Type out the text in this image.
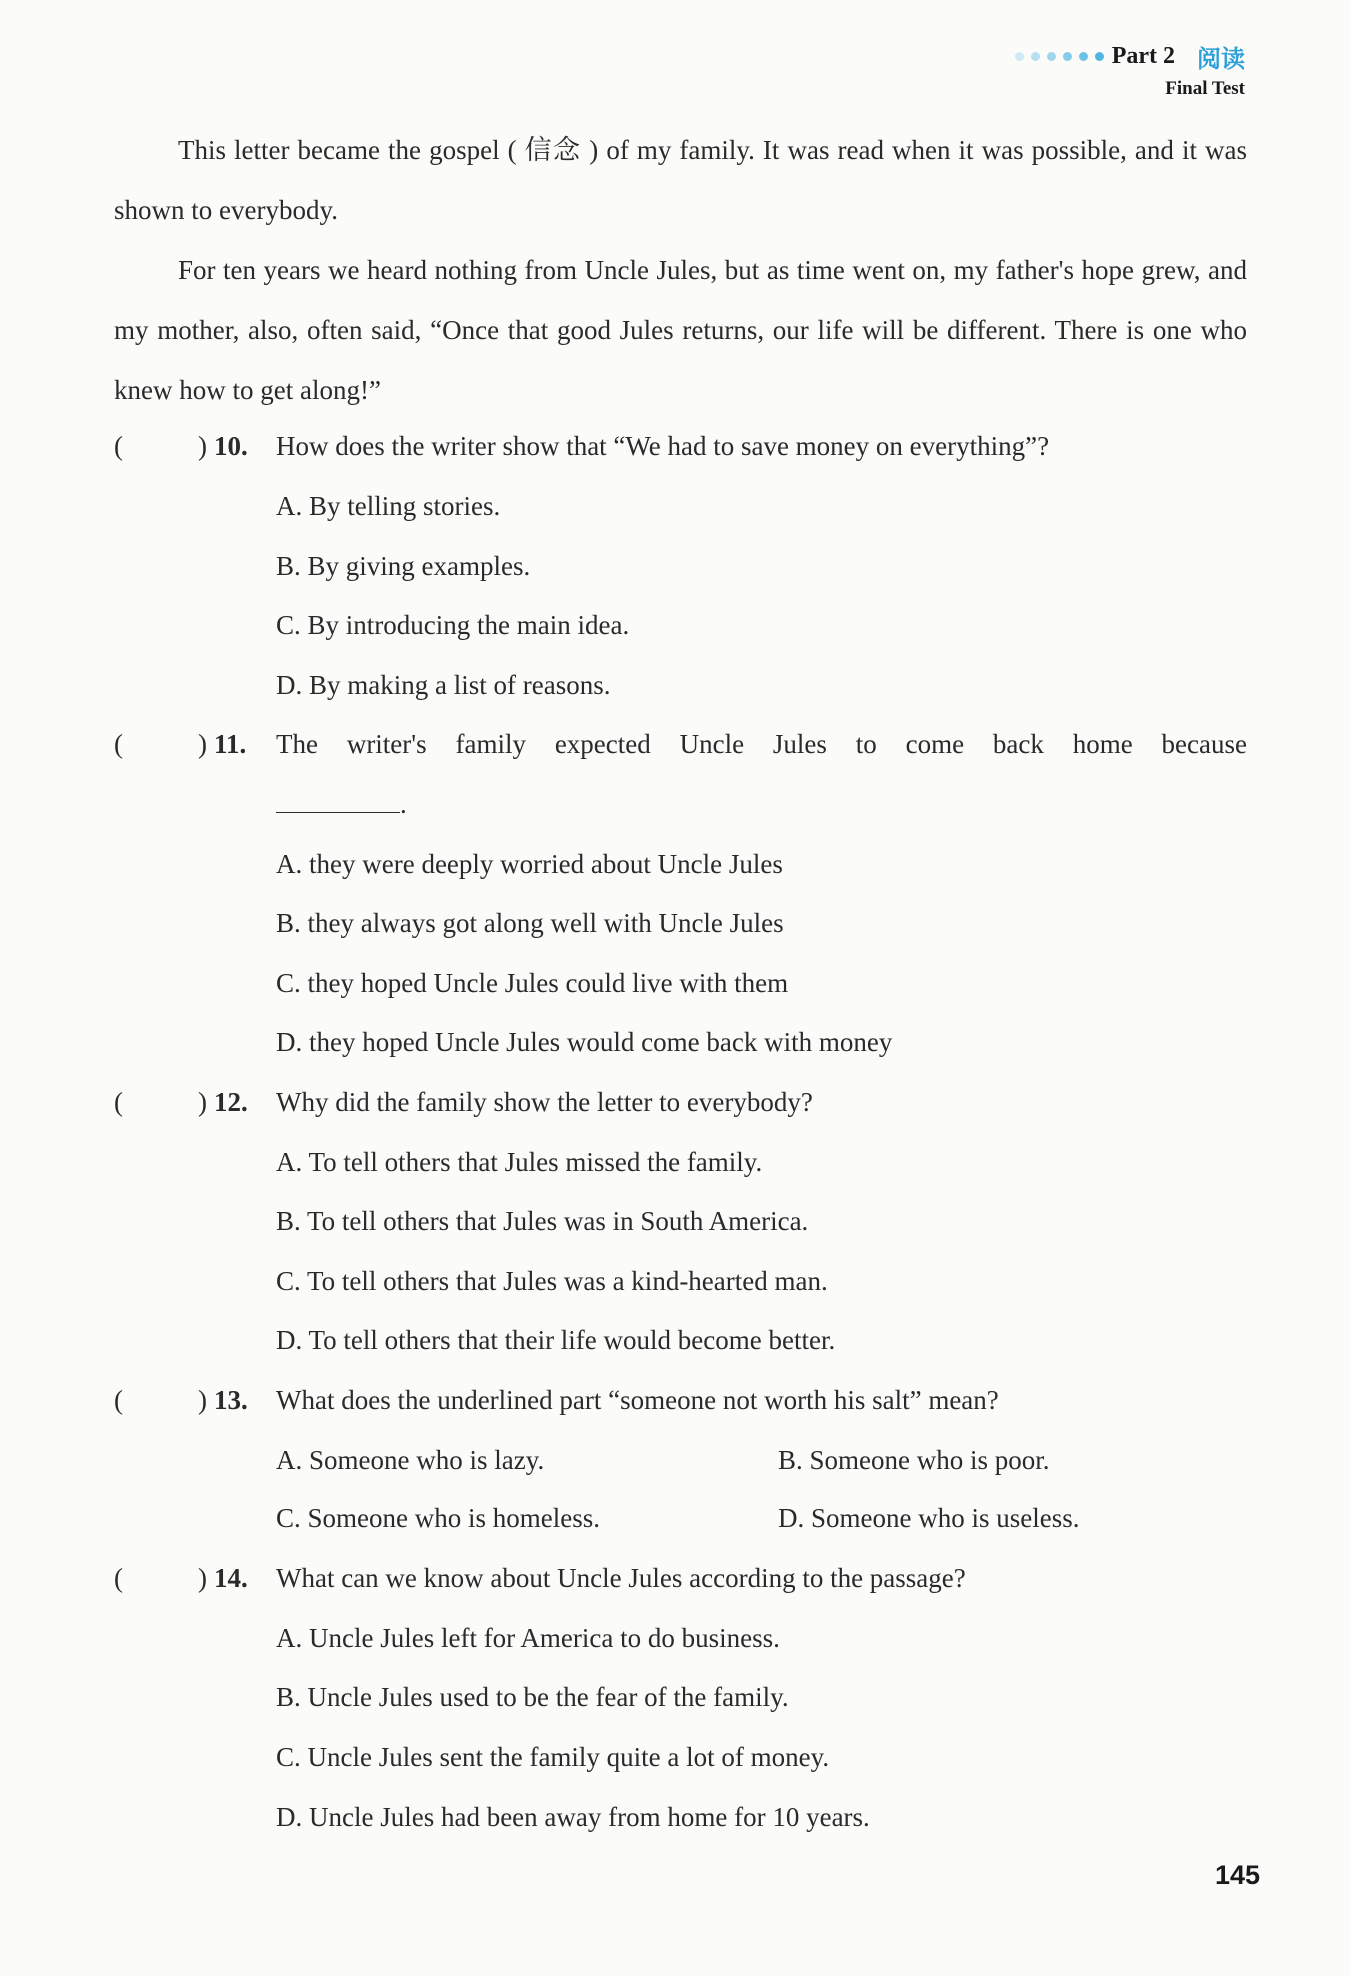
Part 2 阅读
Final Test
This letter became the gospel ( 信念 ) of my family. It was read when it was possible, and it was shown to everybody.
For ten years we heard nothing from Uncle Jules, but as time went on, my father's hope grew, and my mother, also, often said, “Once that good Jules returns, our life will be different. There is one who knew how to get along!”
(	) 10. How does the writer show that “We had to save money on everything”?
A. By telling stories.
B. By giving examples.
C. By introducing the main idea.
D. By making a list of reasons.
(	) 11. The writer's family expected Uncle Jules to come back home because
.
A. they were deeply worried about Uncle Jules
B. they always got along well with Uncle Jules
C. they hoped Uncle Jules could live with them
D. they hoped Uncle Jules would come back with money
(	) 12. Why did the family show the letter to everybody?
A. To tell others that Jules missed the family.
B. To tell others that Jules was in South America.
C. To tell others that Jules was a kind-hearted man.
D. To tell others that their life would become better.
(	) 13. What does the underlined part “someone not worth his salt” mean?
A. Someone who is lazy.	B. Someone who is poor.
C. Someone who is homeless.	D. Someone who is useless.
(	) 14. What can we know about Uncle Jules according to the passage?
A. Uncle Jules left for America to do business.
B. Uncle Jules used to be the fear of the family.
C. Uncle Jules sent the family quite a lot of money.
D. Uncle Jules had been away from home for 10 years.
145
